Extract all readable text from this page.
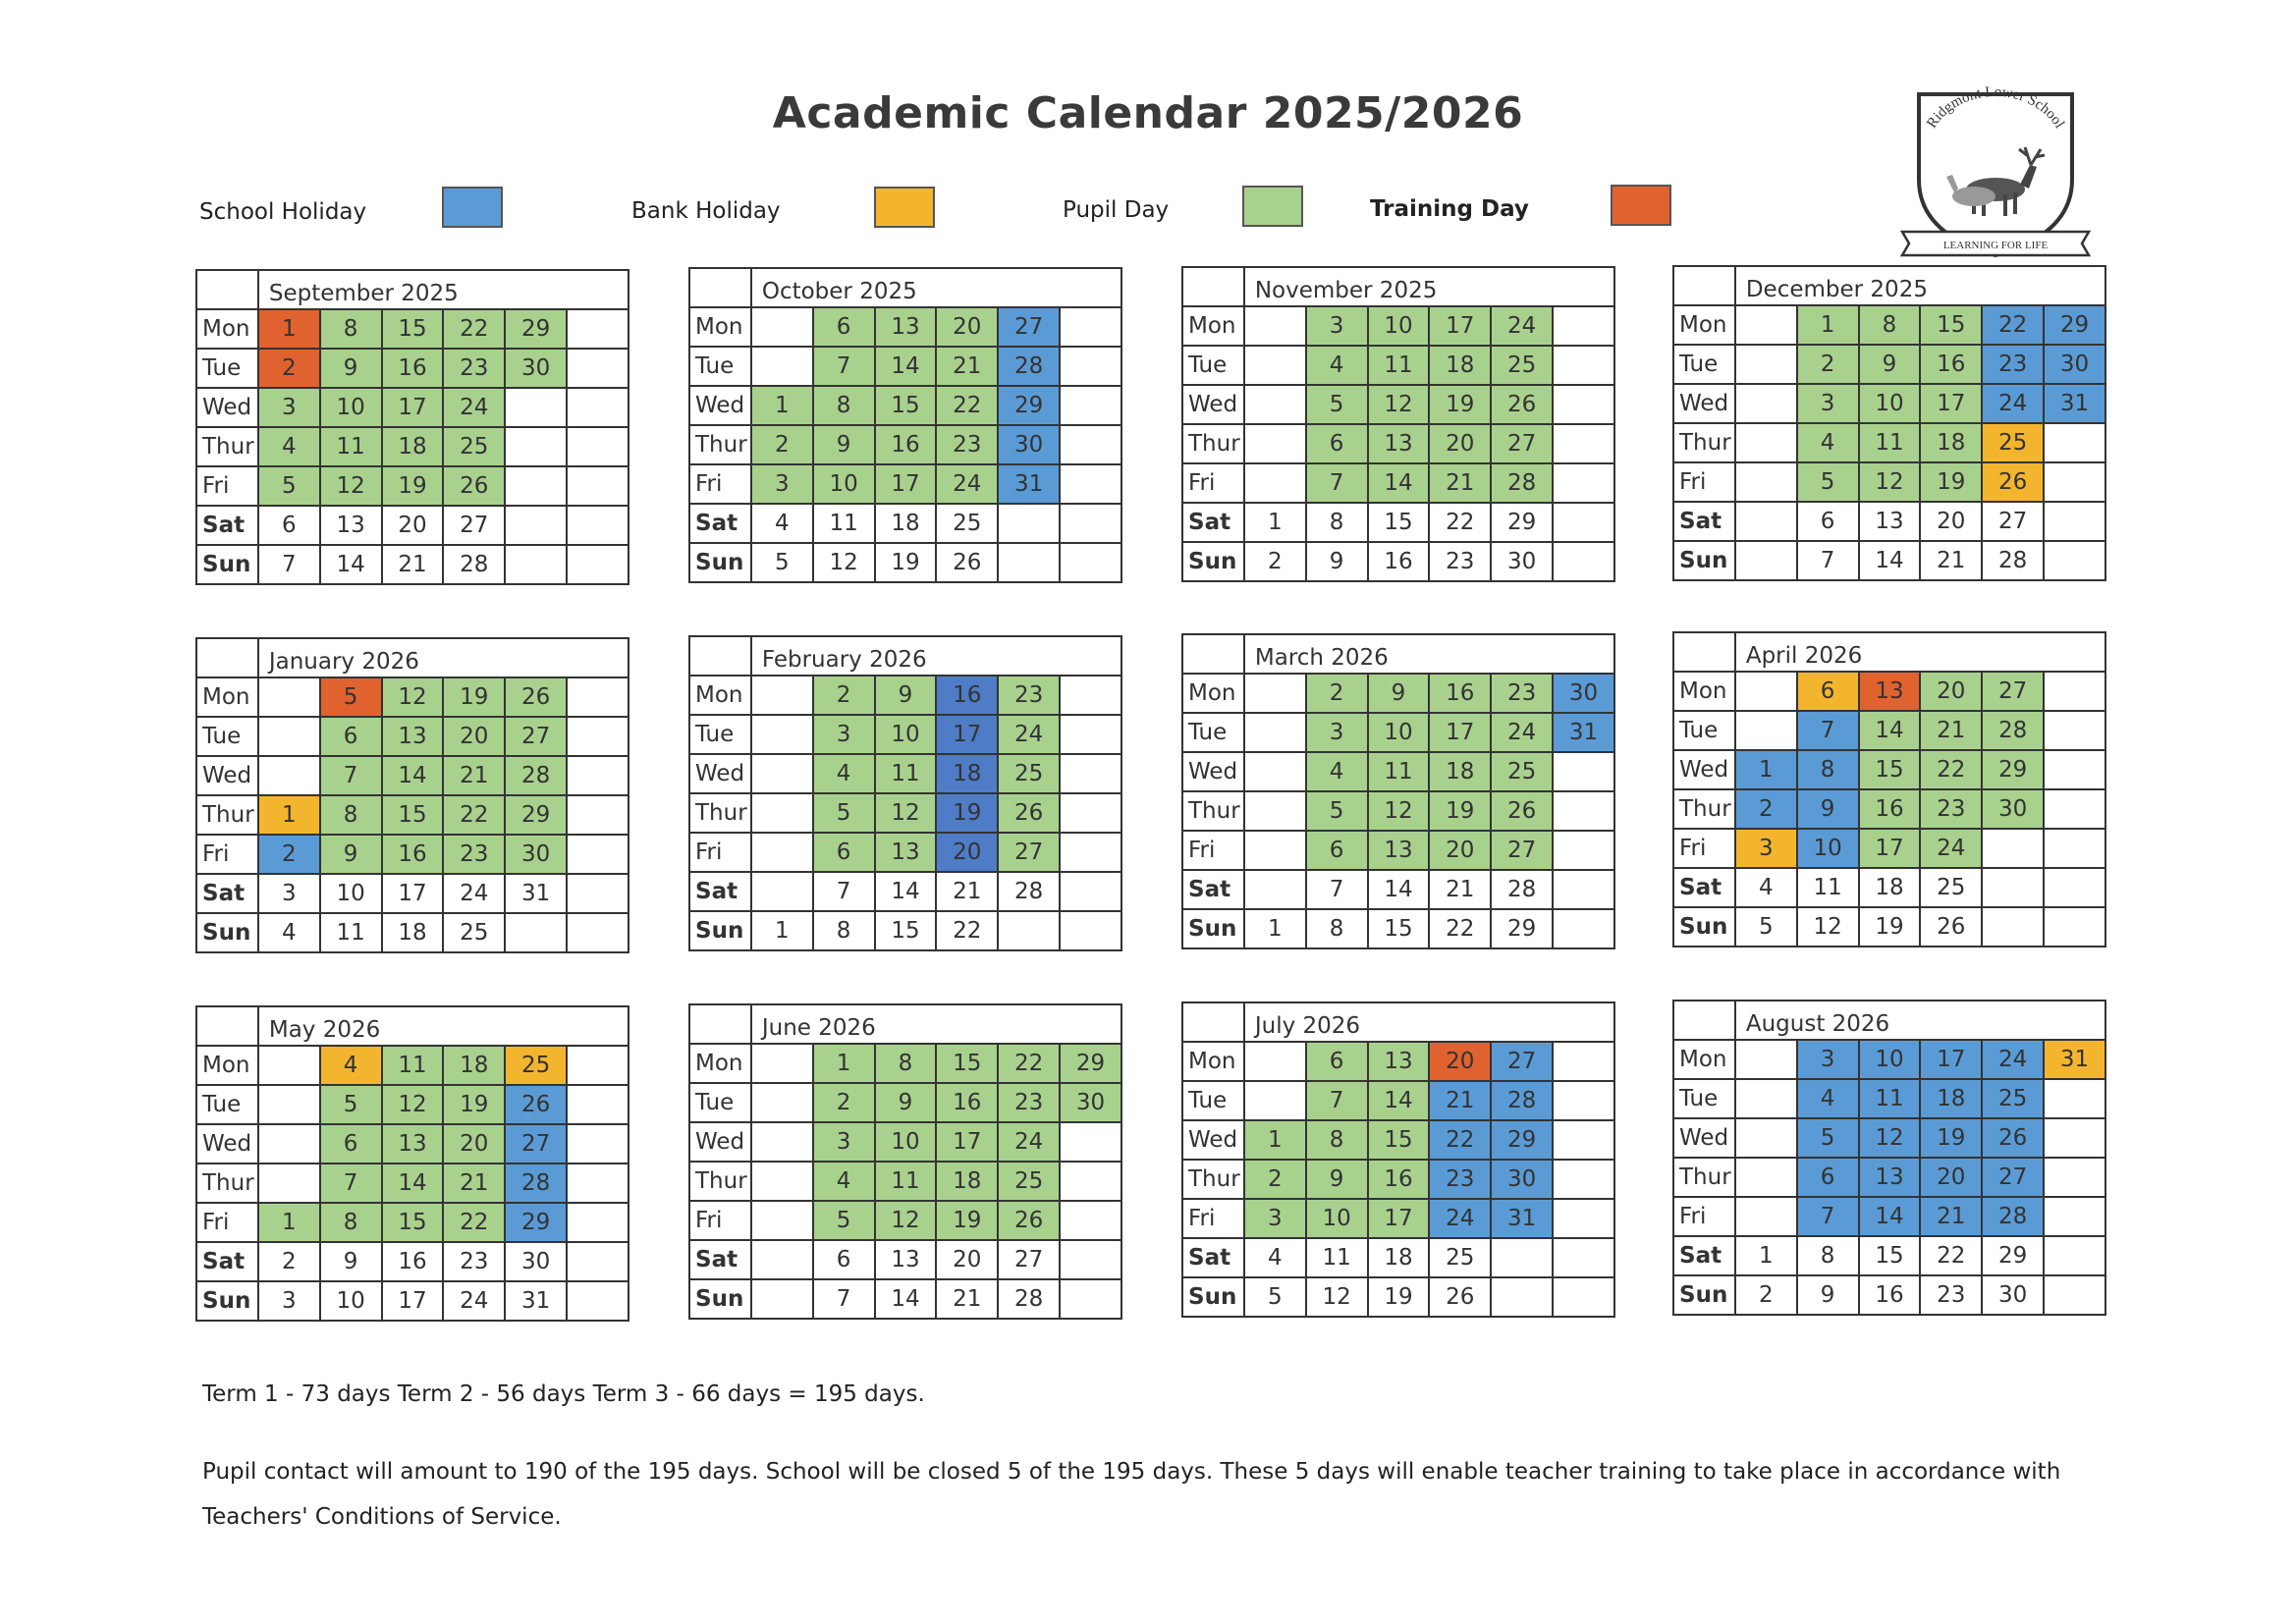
Academic Calendar 2025/2026
School Holiday	Bank Holiday	Pupil Day	Training Day
Ridgmont Lower School
LEARNING FOR LIFE
	September 2025					
Mon	1	8	15	22	29	
Tue	2	9	16	23	30	
Wed	3	10	17	24		
Thur	4	11	18	25		
Fri	5	12	19	26		
Sat	6	13	20	27		
Sun	7	14	21	28		
	October 2025					
Mon		6	13	20	27	
Tue		7	14	21	28	
Wed	1	8	15	22	29	
Thur	2	9	16	23	30	
Fri	3	10	17	24	31	
Sat	4	11	18	25		
Sun	5	12	19	26		
	November 2025					
Mon		3	10	17	24	
Tue		4	11	18	25	
Wed		5	12	19	26	
Thur		6	13	20	27	
Fri		7	14	21	28	
Sat	1	8	15	22	29	
Sun	2	9	16	23	30	
	December 2025					
Mon		1	8	15	22	29
Tue		2	9	16	23	30
Wed		3	10	17	24	31
Thur		4	11	18	25	
Fri		5	12	19	26	
Sat		6	13	20	27	
Sun		7	14	21	28	
	January 2026					
Mon		5	12	19	26	
Tue		6	13	20	27	
Wed		7	14	21	28	
Thur	1	8	15	22	29	
Fri	2	9	16	23	30	
Sat	3	10	17	24	31	
Sun	4	11	18	25		
	February 2026					
Mon		2	9	16	23	
Tue		3	10	17	24	
Wed		4	11	18	25	
Thur		5	12	19	26	
Fri		6	13	20	27	
Sat		7	14	21	28	
Sun	1	8	15	22		
	March 2026					
Mon		2	9	16	23	30
Tue		3	10	17	24	31
Wed		4	11	18	25	
Thur		5	12	19	26	
Fri		6	13	20	27	
Sat		7	14	21	28	
Sun	1	8	15	22	29	
	April 2026					
Mon		6	13	20	27	
Tue		7	14	21	28	
Wed	1	8	15	22	29	
Thur	2	9	16	23	30	
Fri	3	10	17	24		
Sat	4	11	18	25		
Sun	5	12	19	26		
	May 2026					
Mon		4	11	18	25	
Tue		5	12	19	26	
Wed		6	13	20	27	
Thur		7	14	21	28	
Fri	1	8	15	22	29	
Sat	2	9	16	23	30	
Sun	3	10	17	24	31	
	June 2026					
Mon		1	8	15	22	29
Tue		2	9	16	23	30
Wed		3	10	17	24	
Thur		4	11	18	25	
Fri		5	12	19	26	
Sat		6	13	20	27	
Sun		7	14	21	28	
	July 2026					
Mon		6	13	20	27	
Tue		7	14	21	28	
Wed	1	8	15	22	29	
Thur	2	9	16	23	30	
Fri	3	10	17	24	31	
Sat	4	11	18	25		
Sun	5	12	19	26		
	August 2026					
Mon		3	10	17	24	31
Tue		4	11	18	25	
Wed		5	12	19	26	
Thur		6	13	20	27	
Fri		7	14	21	28	
Sat	1	8	15	22	29	
Sun	2	9	16	23	30	
Term 1 - 73 days Term 2 - 56 days Term 3 - 66 days = 195 days.
Pupil contact will amount to 190 of the 195 days. School will be closed 5 of the 195 days. These 5 days will enable teacher training to take place in accordance with
Teachers' Conditions of Service.
